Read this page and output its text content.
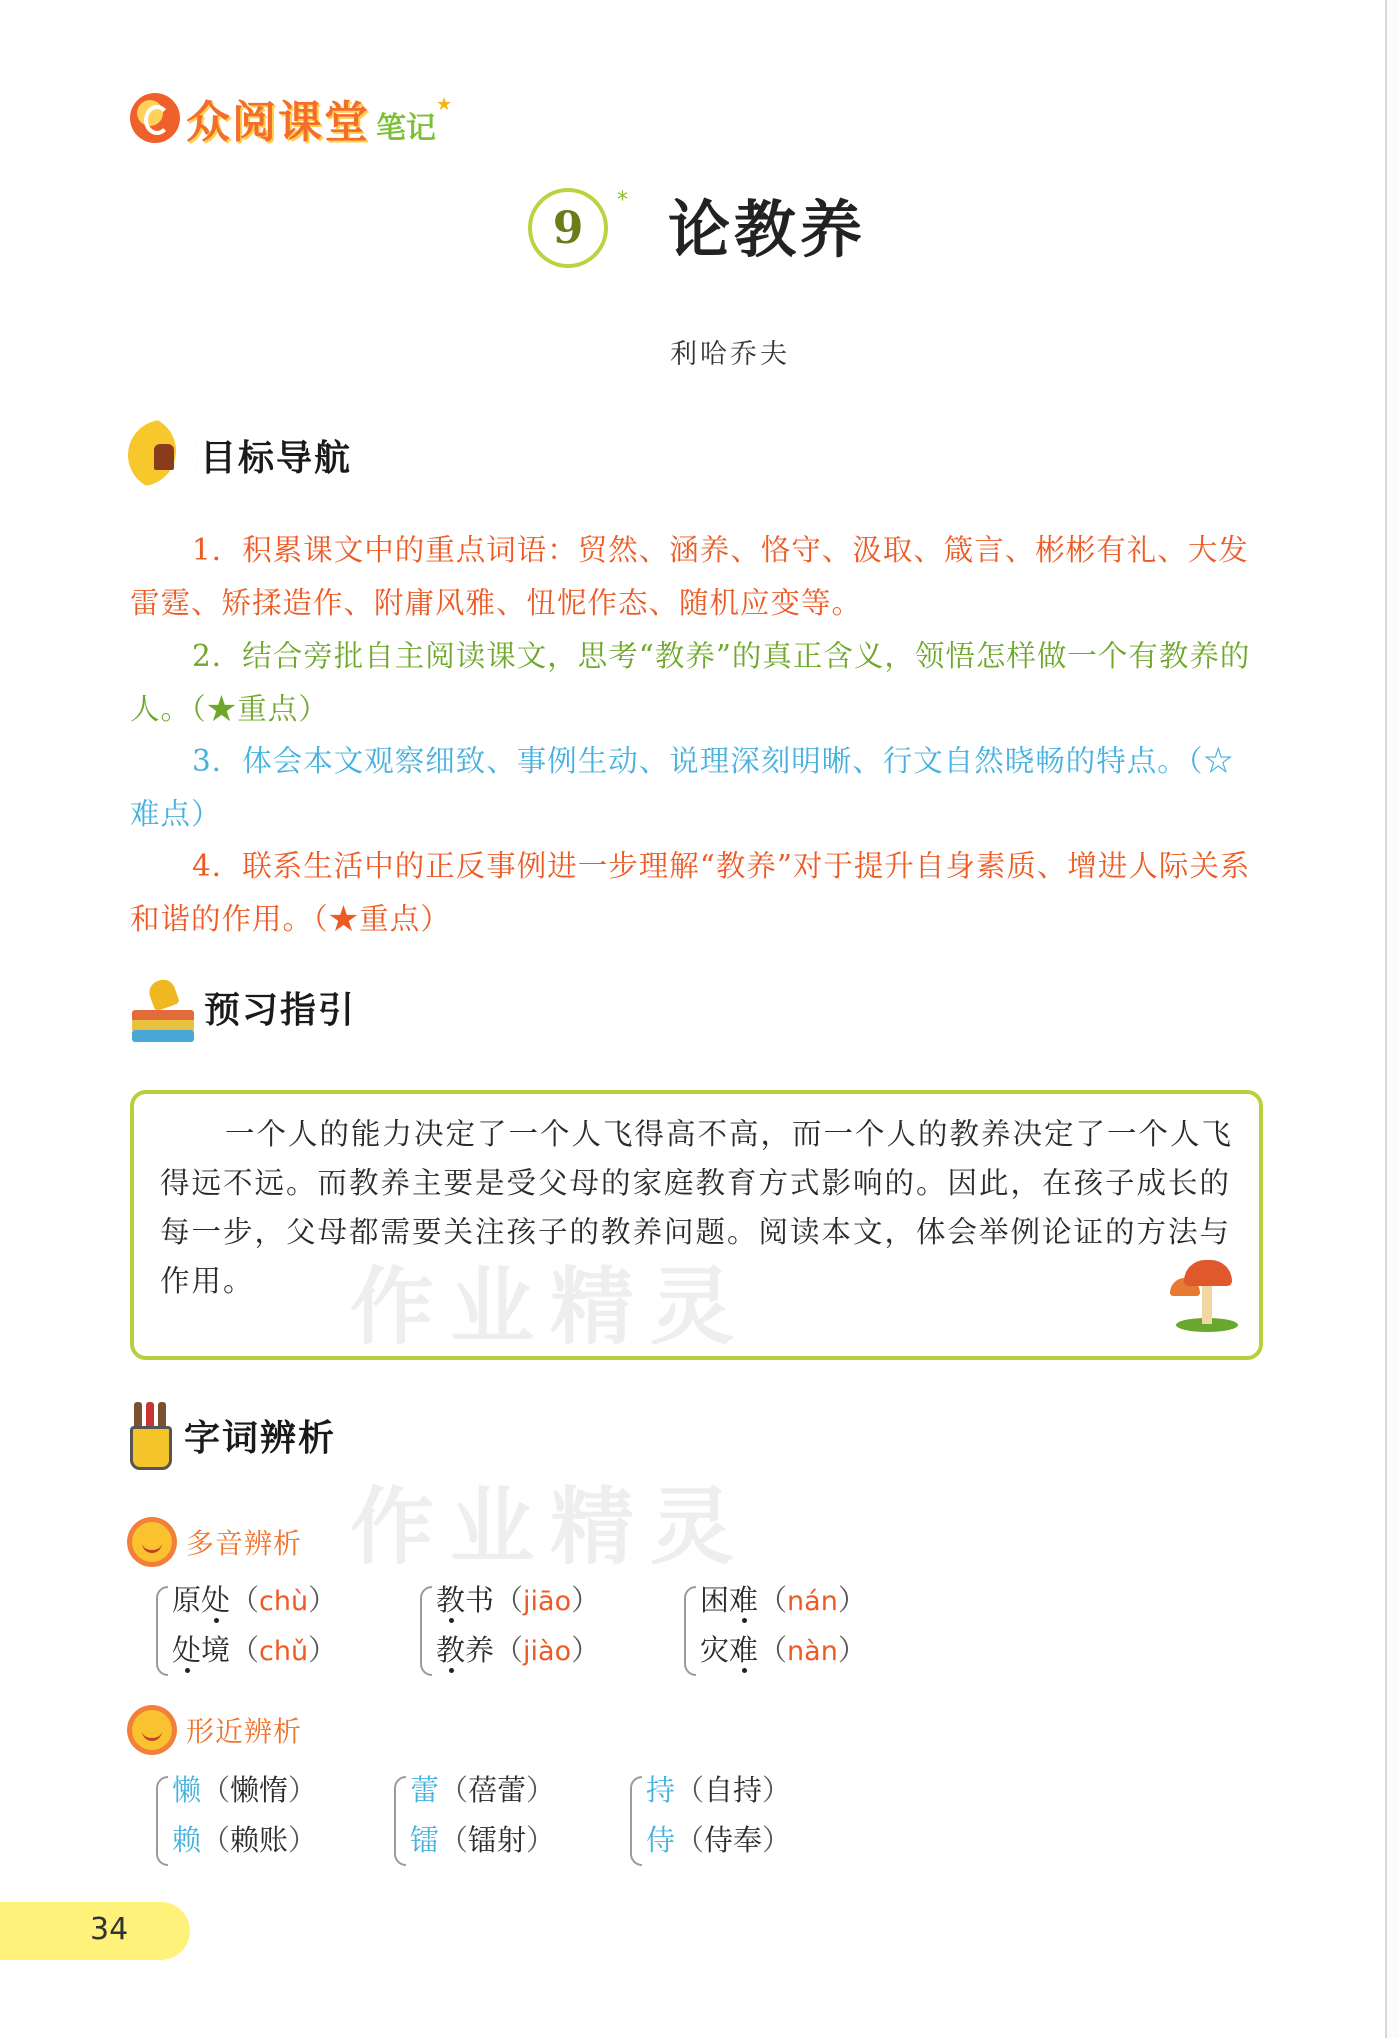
众阅课堂 笔记
★
9
* 论教养
利哈乔夫
目标导航
1．积累课文中的重点词语：贸然、涵养、恪守、汲取、箴言、彬彬有礼、大发雷霆、矫揉造作、附庸风雅、忸怩作态、随机应变等。
2．结合旁批自主阅读课文，思考“教养”的真正含义，领悟怎样做一个有教养的人。（★重点）
3．体会本文观察细致、事例生动、说理深刻明晰、行文自然晓畅的特点。（☆难点）
4．联系生活中的正反事例进一步理解“教养”对于提升自身素质、增进人际关系和谐的作用。（★重点）
预习指引
一个人的能力决定了一个人飞得高不高，而一个人的教养决定了一个人飞得远不远。而教养主要是受父母的家庭教育方式影响的。因此，在孩子成长的每一步，父母都需要关注孩子的教养问题。阅读本文，体会举例论证的方法与作用。
字词辨析
作业精灵
作业精灵
多音辨析
原处（chù）
处境（chǔ）
教书（jiāo）
教养（jiào）
困难（nán）
灾难（nàn）
形近辨析
懒（懒惰）
赖（赖账）
蕾（蓓蕾）
镭（镭射）
持（自持）
侍（侍奉）
34
